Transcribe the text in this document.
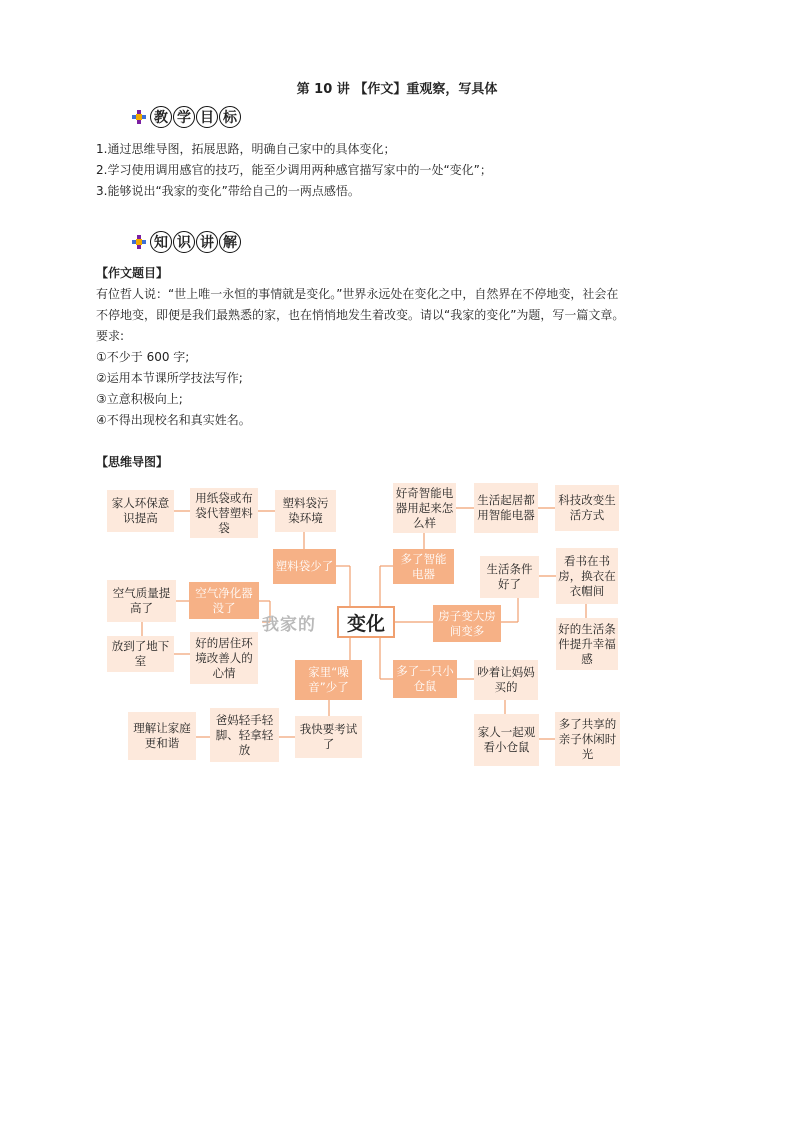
第 10 讲 【作文】重观察，写具体
教 学 目 标
1.通过思维导图，拓展思路，明确自己家中的具体变化；
2.学习使用调用感官的技巧，能至少调用两种感官描写家中的一处“变化”；
3.能够说出“我家的变化”带给自己的一两点感悟。
知 识 讲 解
【作文题目】
有位哲人说：“世上唯一永恒的事情就是变化。”世界永远处在变化之中，自然界在不停地变，社会在
不停地变，即便是我们最熟悉的家，也在悄悄地发生着改变。请以“我家的变化”为题，写一篇文章。
要求:
①不少于 600 字;
②运用本节课所学技法写作;
③立意积极向上;
④不得出现校名和真实姓名。
【思维导图】
家人环保意识提高
用纸袋或布袋代替塑料袋
塑料袋污染环境
塑料袋少了
好奇智能电器用起来怎么样
生活起居都用智能电器
科技改变生活方式
多了智能电器
空气质量提高了
空气净化器没了
生活条件好了
看书在书房，换衣在衣帽间
放到了地下室
好的居住环境改善人的心情
我家的	变化	房子变大房间变多	好的生活条件提升幸福感
家里“噪音”少了
多了一只小仓鼠
吵着让妈妈买的
理解让家庭更和谐
爸妈轻手轻脚、轻拿轻放
我快要考试了
家人一起观看小仓鼠
多了共享的亲子休闲时光
